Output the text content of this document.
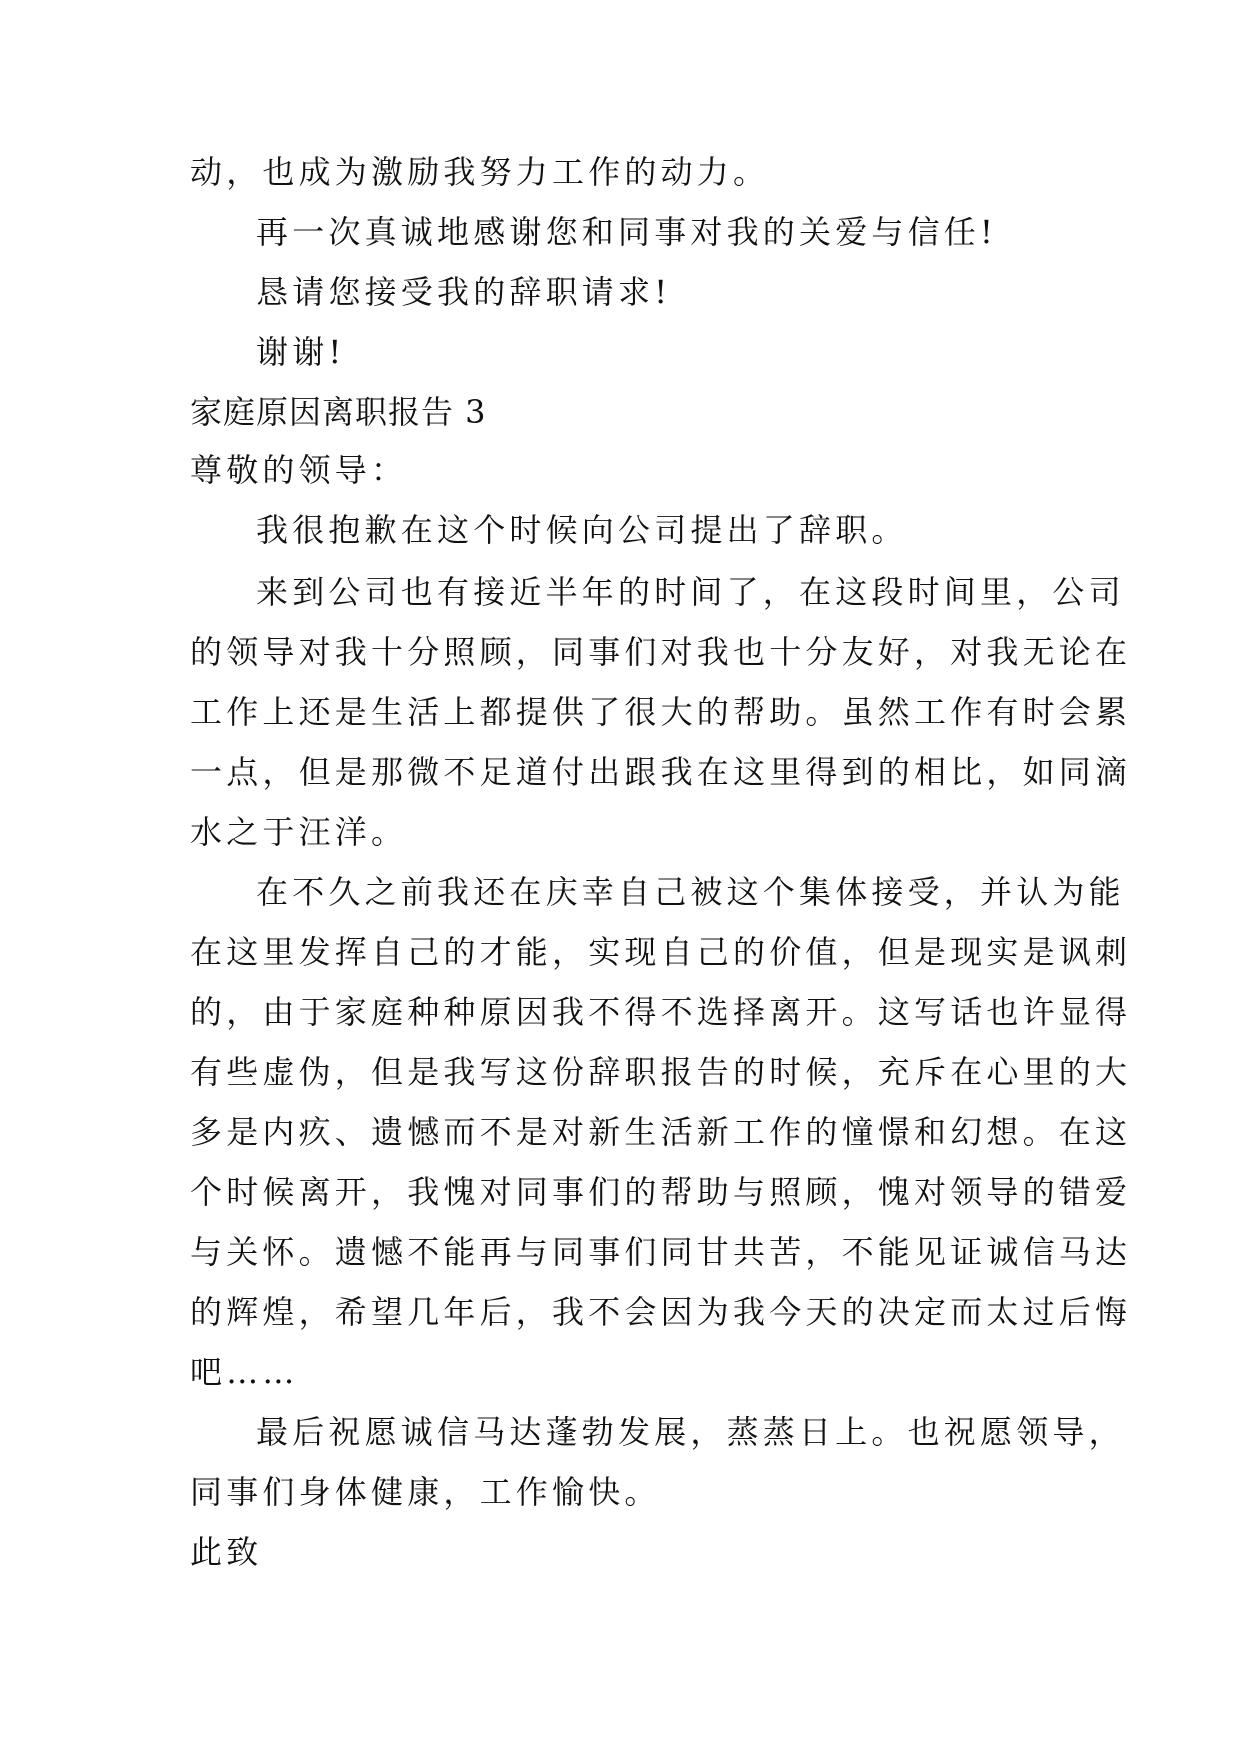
动，也成为激励我努力工作的动力。
再一次真诚地感谢您和同事对我的关爱与信任!
恳请您接受我的辞职请求!
谢谢!
家庭原因离职报告 3
尊敬的领导：
我很抱歉在这个时候向公司提出了辞职。
来到公司也有接近半年的时间了，在这段时间里，公司
的领导对我十分照顾，同事们对我也十分友好，对我无论在
工作上还是生活上都提供了很大的帮助。虽然工作有时会累
一点，但是那微不足道付出跟我在这里得到的相比，如同滴
水之于汪洋。
在不久之前我还在庆幸自己被这个集体接受，并认为能
在这里发挥自己的才能，实现自己的价值，但是现实是讽刺
的，由于家庭种种原因我不得不选择离开。这写话也许显得
有些虚伪，但是我写这份辞职报告的时候，充斥在心里的大
多是内疚、遗憾而不是对新生活新工作的憧憬和幻想。在这
个时候离开，我愧对同事们的帮助与照顾，愧对领导的错爱
与关怀。遗憾不能再与同事们同甘共苦，不能见证诚信马达
的辉煌，希望几年后，我不会因为我今天的决定而太过后悔
吧……
最后祝愿诚信马达蓬勃发展，蒸蒸日上。也祝愿领导，
同事们身体健康，工作愉快。
此致
